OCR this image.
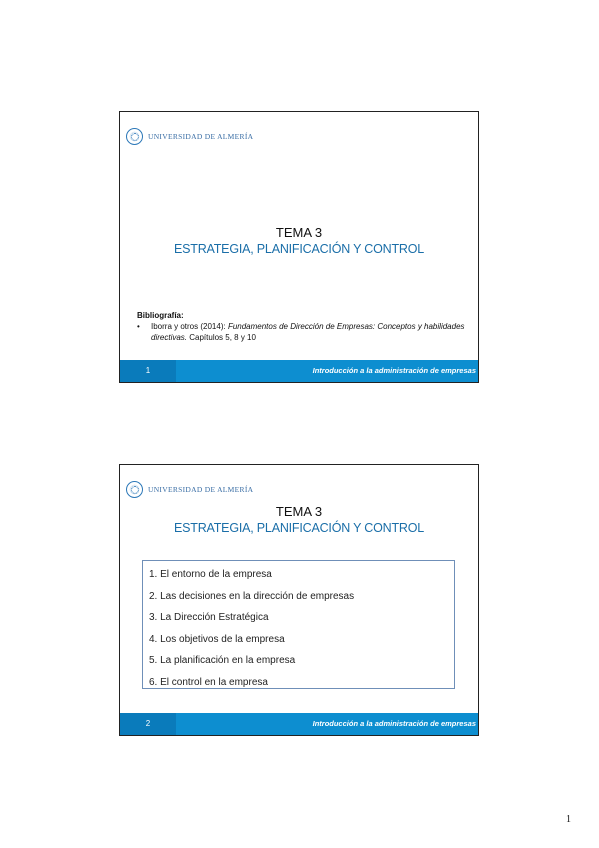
UNIVERSIDAD DE ALMERÍA
TEMA 3
ESTRATEGIA, PLANIFICACIÓN Y CONTROL
Bibliografía:
•	Iborra y otros (2014): Fundamentos de Dirección de Empresas: Conceptos y habilidades directivas. Capítulos 5, 8 y 10
1	Introducción a la administración de empresas
UNIVERSIDAD DE ALMERÍA
TEMA 3
ESTRATEGIA, PLANIFICACIÓN Y CONTROL
1. El entorno de la empresa
2. Las decisiones en la dirección de empresas
3. La Dirección Estratégica
4. Los objetivos de la empresa
5. La planificación en la empresa
6. El control en la empresa
2	Introducción a la administración de empresas
1
